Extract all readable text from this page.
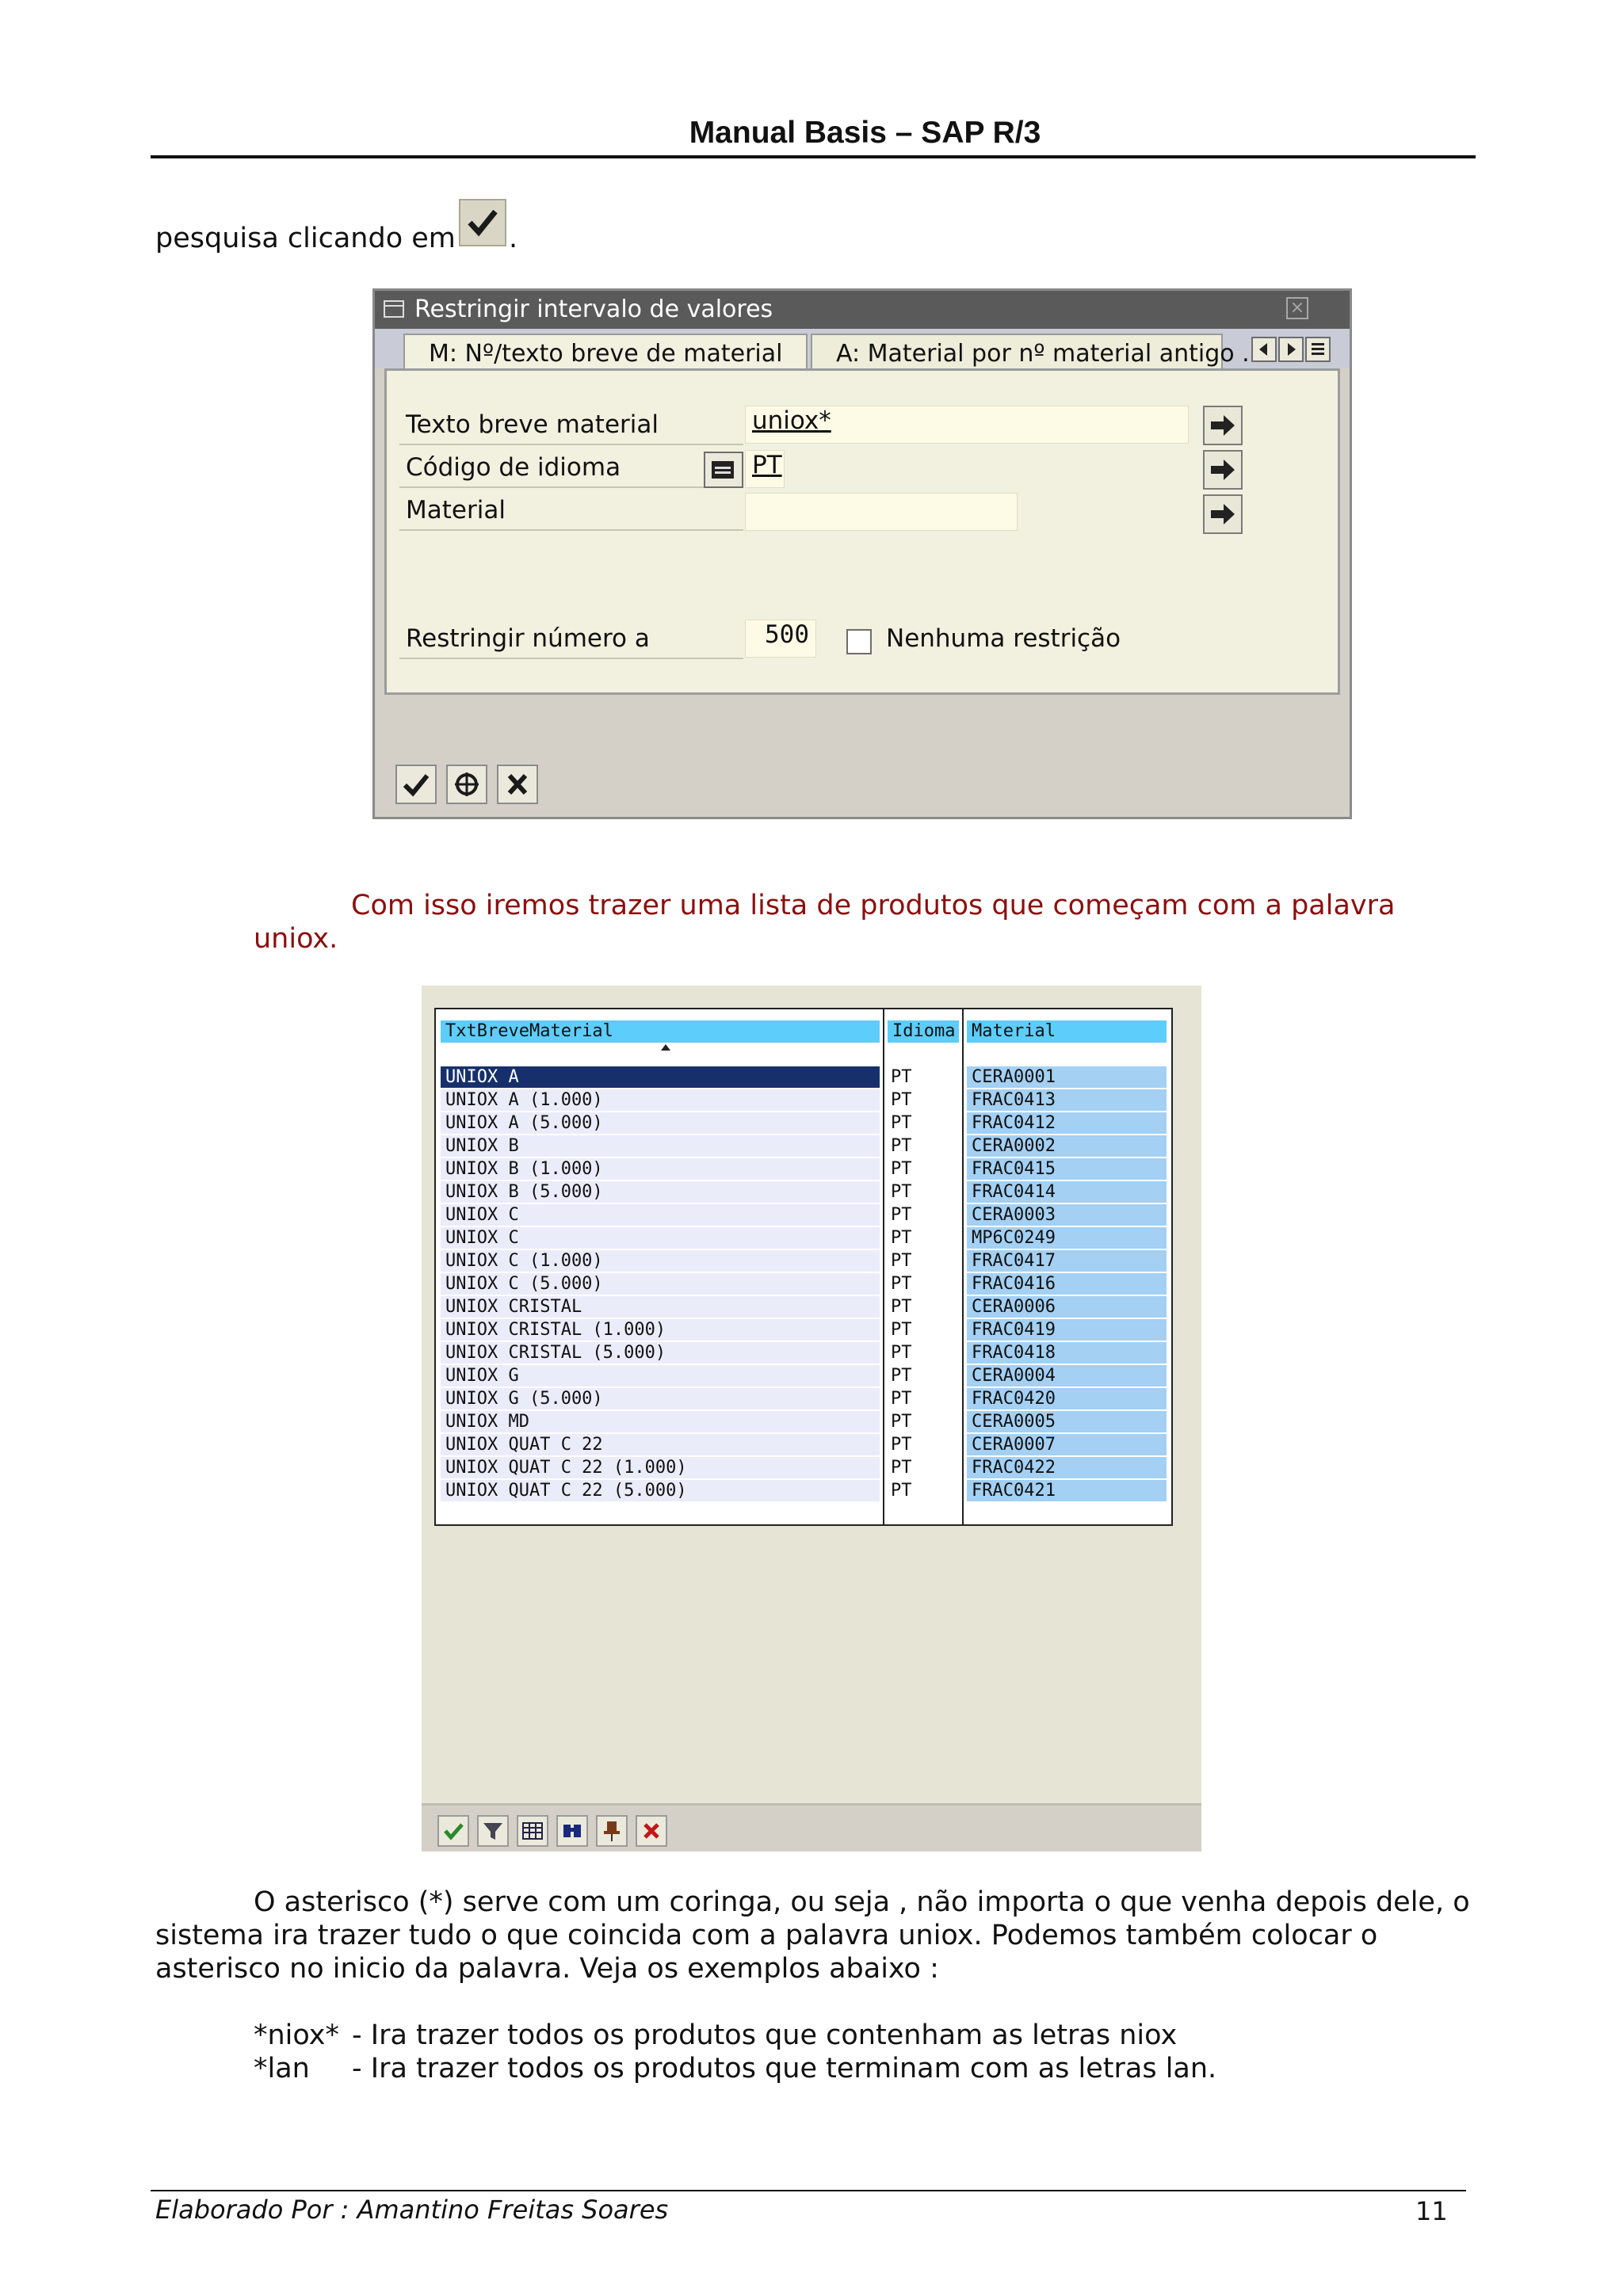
Manual Basis – SAP R/3
pesquisa clicando em .
Restringir intervalo de valores	×
M: Nº/texto breve de material	A: Material por nº material antigo .
Texto breve material	uniox*
Código de idioma	PT
Material
Restringir número a	500	Nenhuma restrição
Com isso iremos trazer uma lista de produtos que começam com a palavra
uniox.
TxtBreveMaterial	Idioma Material
UNIOX A	PT	CERA0001
UNIOX A (1.000)	PT	FRAC0413
UNIOX A (5.000)	PT	FRAC0412
UNIOX B	PT	CERA0002
UNIOX B (1.000)	PT	FRAC0415
UNIOX B (5.000)	PT	FRAC0414
UNIOX C	PT	CERA0003
UNIOX C	PT	MP6C0249
UNIOX C (1.000)	PT	FRAC0417
UNIOX C (5.000)	PT	FRAC0416
UNIOX CRISTAL	PT	CERA0006
UNIOX CRISTAL (1.000)	PT	FRAC0419
UNIOX CRISTAL (5.000)	PT	FRAC0418
UNIOX G	PT	CERA0004
UNIOX G (5.000)	PT	FRAC0420
UNIOX MD	PT	CERA0005
UNIOX QUAT C 22	PT	CERA0007
UNIOX QUAT C 22 (1.000)	PT	FRAC0422
UNIOX QUAT C 22 (5.000)	PT	FRAC0421
O asterisco (*) serve com um coringa, ou seja , não importa o que venha depois dele, o
sistema ira trazer tudo o que coincida com a palavra uniox. Podemos também colocar o
asterisco no inicio da palavra. Veja os exemplos abaixo :
*niox* - Ira trazer todos os produtos que contenham as letras niox
*lan - Ira trazer todos os produtos que terminam com as letras lan.
Elaborado Por : Amantino Freitas Soares	11
